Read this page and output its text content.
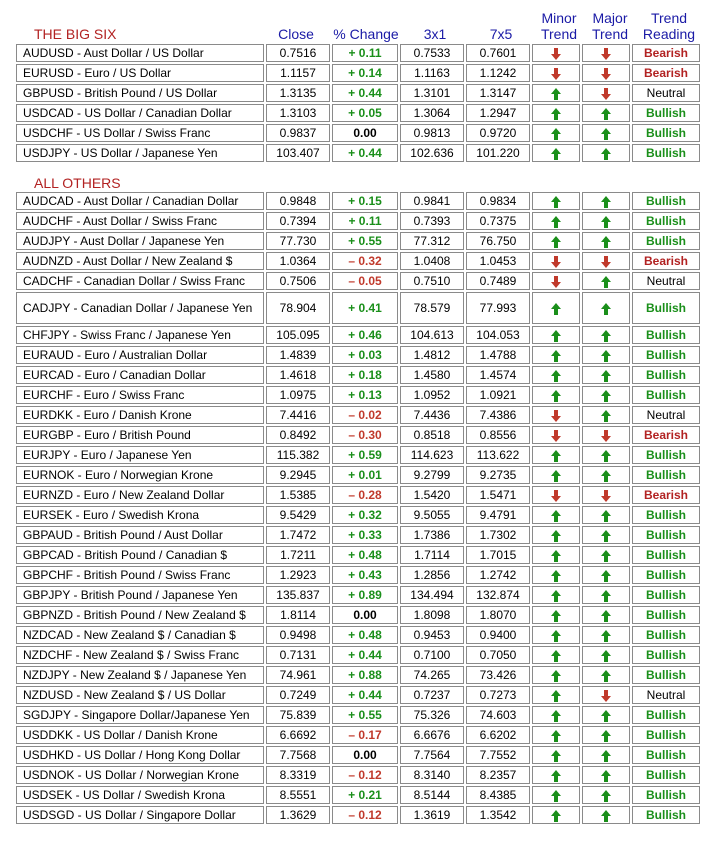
THE BIG SIX	Close	% Change	3x1	7x5
Minor Trend
Major Trend
Trend Reading
AUDUSD - Aust Dollar / US Dollar	0.7516	+ 0.11	0.7533	0.7601			Bearish
EURUSD - Euro / US Dollar	1.1157	+ 0.14	1.1163	1.1242			Bearish
GBPUSD - British Pound / US Dollar	1.3135	+ 0.44	1.3101	1.3147			Neutral
USDCAD - US Dollar / Canadian Dollar	1.3103	+ 0.05	1.3064	1.2947			Bullish
USDCHF - US Dollar / Swiss Franc	0.9837	0.00	0.9813	0.9720			Bullish
USDJPY - US Dollar / Japanese Yen	103.407	+ 0.44	102.636	101.220			Bullish
ALL OTHERS
AUDCAD - Aust Dollar / Canadian Dollar	0.9848	+ 0.15	0.9841	0.9834			Bullish
AUDCHF - Aust Dollar / Swiss Franc	0.7394	+ 0.11	0.7393	0.7375			Bullish
AUDJPY - Aust Dollar / Japanese Yen	77.730	+ 0.55	77.312	76.750			Bullish
AUDNZD - Aust Dollar / New Zealand $	1.0364	– 0.32	1.0408	1.0453			Bearish
CADCHF - Canadian Dollar / Swiss Franc	0.7506	– 0.05	0.7510	0.7489			Neutral
CADJPY - Canadian Dollar / Japanese Yen	78.904	+ 0.41	78.579	77.993			Bullish
CHFJPY - Swiss Franc / Japanese Yen	105.095	+ 0.46	104.613	104.053			Bullish
EURAUD - Euro / Australian Dollar	1.4839	+ 0.03	1.4812	1.4788			Bullish
EURCAD - Euro / Canadian Dollar	1.4618	+ 0.18	1.4580	1.4574			Bullish
EURCHF - Euro / Swiss Franc	1.0975	+ 0.13	1.0952	1.0921			Bullish
EURDKK - Euro / Danish Krone	7.4416	– 0.02	7.4436	7.4386			Neutral
EURGBP - Euro / British Pound	0.8492	– 0.30	0.8518	0.8556			Bearish
EURJPY - Euro / Japanese Yen	115.382	+ 0.59	114.623	113.622			Bullish
EURNOK - Euro / Norwegian Krone	9.2945	+ 0.01	9.2799	9.2735			Bullish
EURNZD - Euro / New Zealand Dollar	1.5385	– 0.28	1.5420	1.5471			Bearish
EURSEK - Euro / Swedish Krona	9.5429	+ 0.32	9.5055	9.4791			Bullish
GBPAUD - British Pound / Aust Dollar	1.7472	+ 0.33	1.7386	1.7302			Bullish
GBPCAD - British Pound / Canadian $	1.7211	+ 0.48	1.7114	1.7015			Bullish
GBPCHF - British Pound / Swiss Franc	1.2923	+ 0.43	1.2856	1.2742			Bullish
GBPJPY - British Pound / Japanese Yen	135.837	+ 0.89	134.494	132.874			Bullish
GBPNZD - British Pound / New Zealand $	1.8114	0.00	1.8098	1.8070			Bullish
NZDCAD - New Zealand $ / Canadian $	0.9498	+ 0.48	0.9453	0.9400			Bullish
NZDCHF - New Zealand $ / Swiss Franc	0.7131	+ 0.44	0.7100	0.7050			Bullish
NZDJPY - New Zealand $ / Japanese Yen	74.961	+ 0.88	74.265	73.426			Bullish
NZDUSD - New Zealand $ / US Dollar	0.7249	+ 0.44	0.7237	0.7273			Neutral
SGDJPY - Singapore Dollar/Japanese Yen	75.839	+ 0.55	75.326	74.603			Bullish
USDDKK - US Dollar / Danish Krone	6.6692	– 0.17	6.6676	6.6202			Bullish
USDHKD - US Dollar / Hong Kong Dollar	7.7568	0.00	7.7564	7.7552			Bullish
USDNOK - US Dollar / Norwegian Krone	8.3319	– 0.12	8.3140	8.2357			Bullish
USDSEK - US Dollar / Swedish Krona	8.5551	+ 0.21	8.5144	8.4385			Bullish
USDSGD - US Dollar / Singapore Dollar	1.3629	– 0.12	1.3619	1.3542			Bullish
